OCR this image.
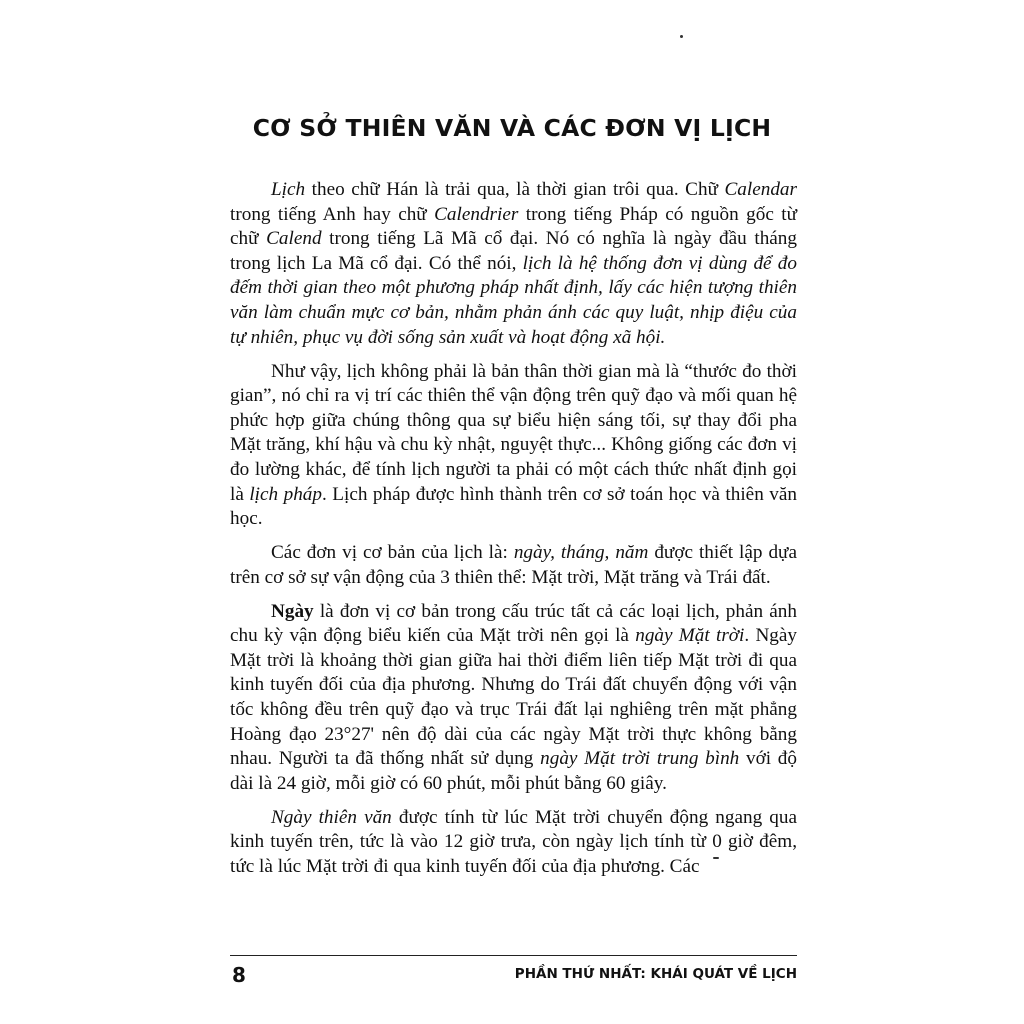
CƠ SỞ THIÊN VĂN VÀ CÁC ĐƠN VỊ LỊCH

Lịch theo chữ Hán là trải qua, là thời gian trôi qua. Chữ Calendar trong tiếng Anh hay chữ Calendrier trong tiếng Pháp có nguồn gốc từ chữ Calend trong tiếng Lã Mã cổ đại. Nó có nghĩa là ngày đầu tháng trong lịch La Mã cổ đại. Có thể nói, lịch là hệ thống đơn vị dùng để đo đếm thời gian theo một phương pháp nhất định, lấy các hiện tượng thiên văn làm chuẩn mực cơ bản, nhằm phản ánh các quy luật, nhịp điệu của tự nhiên, phục vụ đời sống sản xuất và hoạt động xã hội.

Như vậy, lịch không phải là bản thân thời gian mà là “thước đo thời gian”, nó chỉ ra vị trí các thiên thể vận động trên quỹ đạo và mối quan hệ phức hợp giữa chúng thông qua sự biểu hiện sáng tối, sự thay đổi pha Mặt trăng, khí hậu và chu kỳ nhật, nguyệt thực... Không giống các đơn vị đo lường khác, để tính lịch người ta phải có một cách thức nhất định gọi là lịch pháp. Lịch pháp được hình thành trên cơ sở toán học và thiên văn học.

Các đơn vị cơ bản của lịch là: ngày, tháng, năm được thiết lập dựa trên cơ sở sự vận động của 3 thiên thể: Mặt trời, Mặt trăng và Trái đất.

Ngày là đơn vị cơ bản trong cấu trúc tất cả các loại lịch, phản ánh chu kỳ vận động biểu kiến của Mặt trời nên gọi là ngày Mặt trời. Ngày Mặt trời là khoảng thời gian giữa hai thời điểm liên tiếp Mặt trời đi qua kinh tuyến đối của địa phương. Nhưng do Trái đất chuyển động với vận tốc không đều trên quỹ đạo và trục Trái đất lại nghiêng trên mặt phẳng Hoàng đạo 23°27' nên độ dài của các ngày Mặt trời thực không bằng nhau. Người ta đã thống nhất sử dụng ngày Mặt trời trung bình với độ dài là 24 giờ, mỗi giờ có 60 phút, mỗi phút bằng 60 giây.

Ngày thiên văn được tính từ lúc Mặt trời chuyển động ngang qua kinh tuyến trên, tức là vào 12 giờ trưa, còn ngày lịch tính từ 0 giờ đêm, tức là lúc Mặt trời đi qua kinh tuyến đối của địa phương. Các

8	PHẦN THỨ NHẤT: KHÁI QUÁT VỀ LỊCH
